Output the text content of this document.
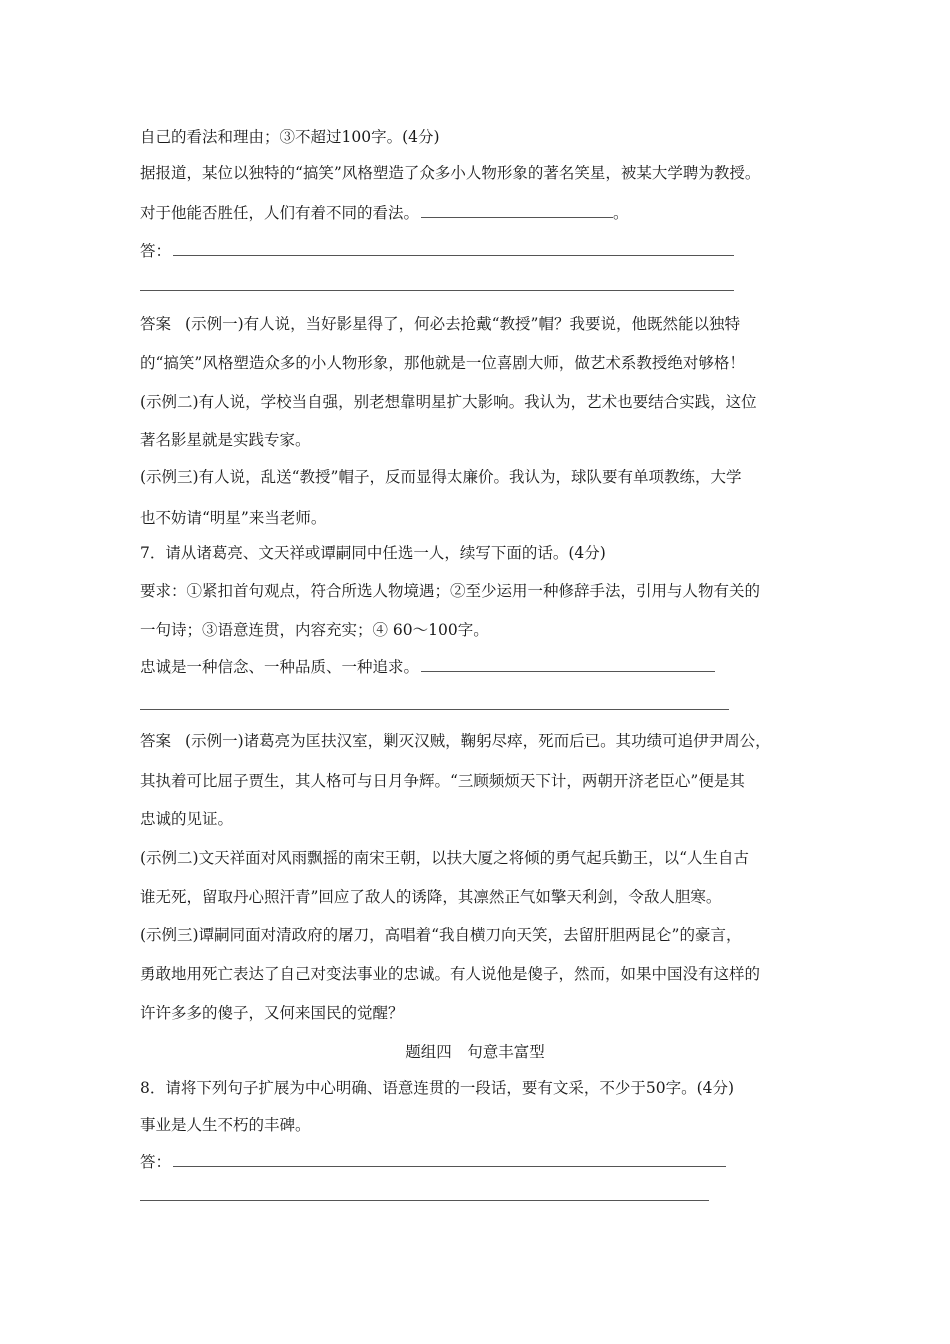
自己的看法和理由；③不超过100字。(4分)

据报道，某位以独特的“搞笑”风格塑造了众多小人物形象的著名笑星，被某大学聘为教授。

对于他能否胜任，人们有着不同的看法。	。

答：

答案 (示例一)有人说，当好影星得了，何必去抢戴“教授”帽？我要说，他既然能以独特

的“搞笑”风格塑造众多的小人物形象，那他就是一位喜剧大师，做艺术系教授绝对够格！

(示例二)有人说，学校当自强，别老想靠明星扩大影响。我认为，艺术也要结合实践，这位

著名影星就是实践专家。

(示例三)有人说，乱送“教授”帽子，反而显得太廉价。我认为，球队要有单项教练，大学

也不妨请“明星”来当老师。

7．请从诸葛亮、文天祥或谭嗣同中任选一人，续写下面的话。(4分)

要求：①紧扣首句观点，符合所选人物境遇；②至少运用一种修辞手法，引用与人物有关的

一句诗；③语意连贯，内容充实；④ 60～100字。

忠诚是一种信念、一种品质、一种追求。

答案 (示例一)诸葛亮为匡扶汉室，剿灭汉贼，鞠躬尽瘁，死而后已。其功绩可追伊尹周公，

其执着可比屈子贾生，其人格可与日月争辉。“三顾频烦天下计，两朝开济老臣心”便是其

忠诚的见证。

(示例二)文天祥面对风雨飘摇的南宋王朝，以扶大厦之将倾的勇气起兵勤王，以“人生自古

谁无死，留取丹心照汗青”回应了敌人的诱降，其凛然正气如擎天利剑，令敌人胆寒。

(示例三)谭嗣同面对清政府的屠刀，高唱着“我自横刀向天笑，去留肝胆两昆仑”的豪言，

勇敢地用死亡表达了自己对变法事业的忠诚。有人说他是傻子，然而，如果中国没有这样的

许许多多的傻子，又何来国民的觉醒？

题组四　句意丰富型

8．请将下列句子扩展为中心明确、语意连贯的一段话，要有文采，不少于50字。(4分)

事业是人生不朽的丰碑。

答：
